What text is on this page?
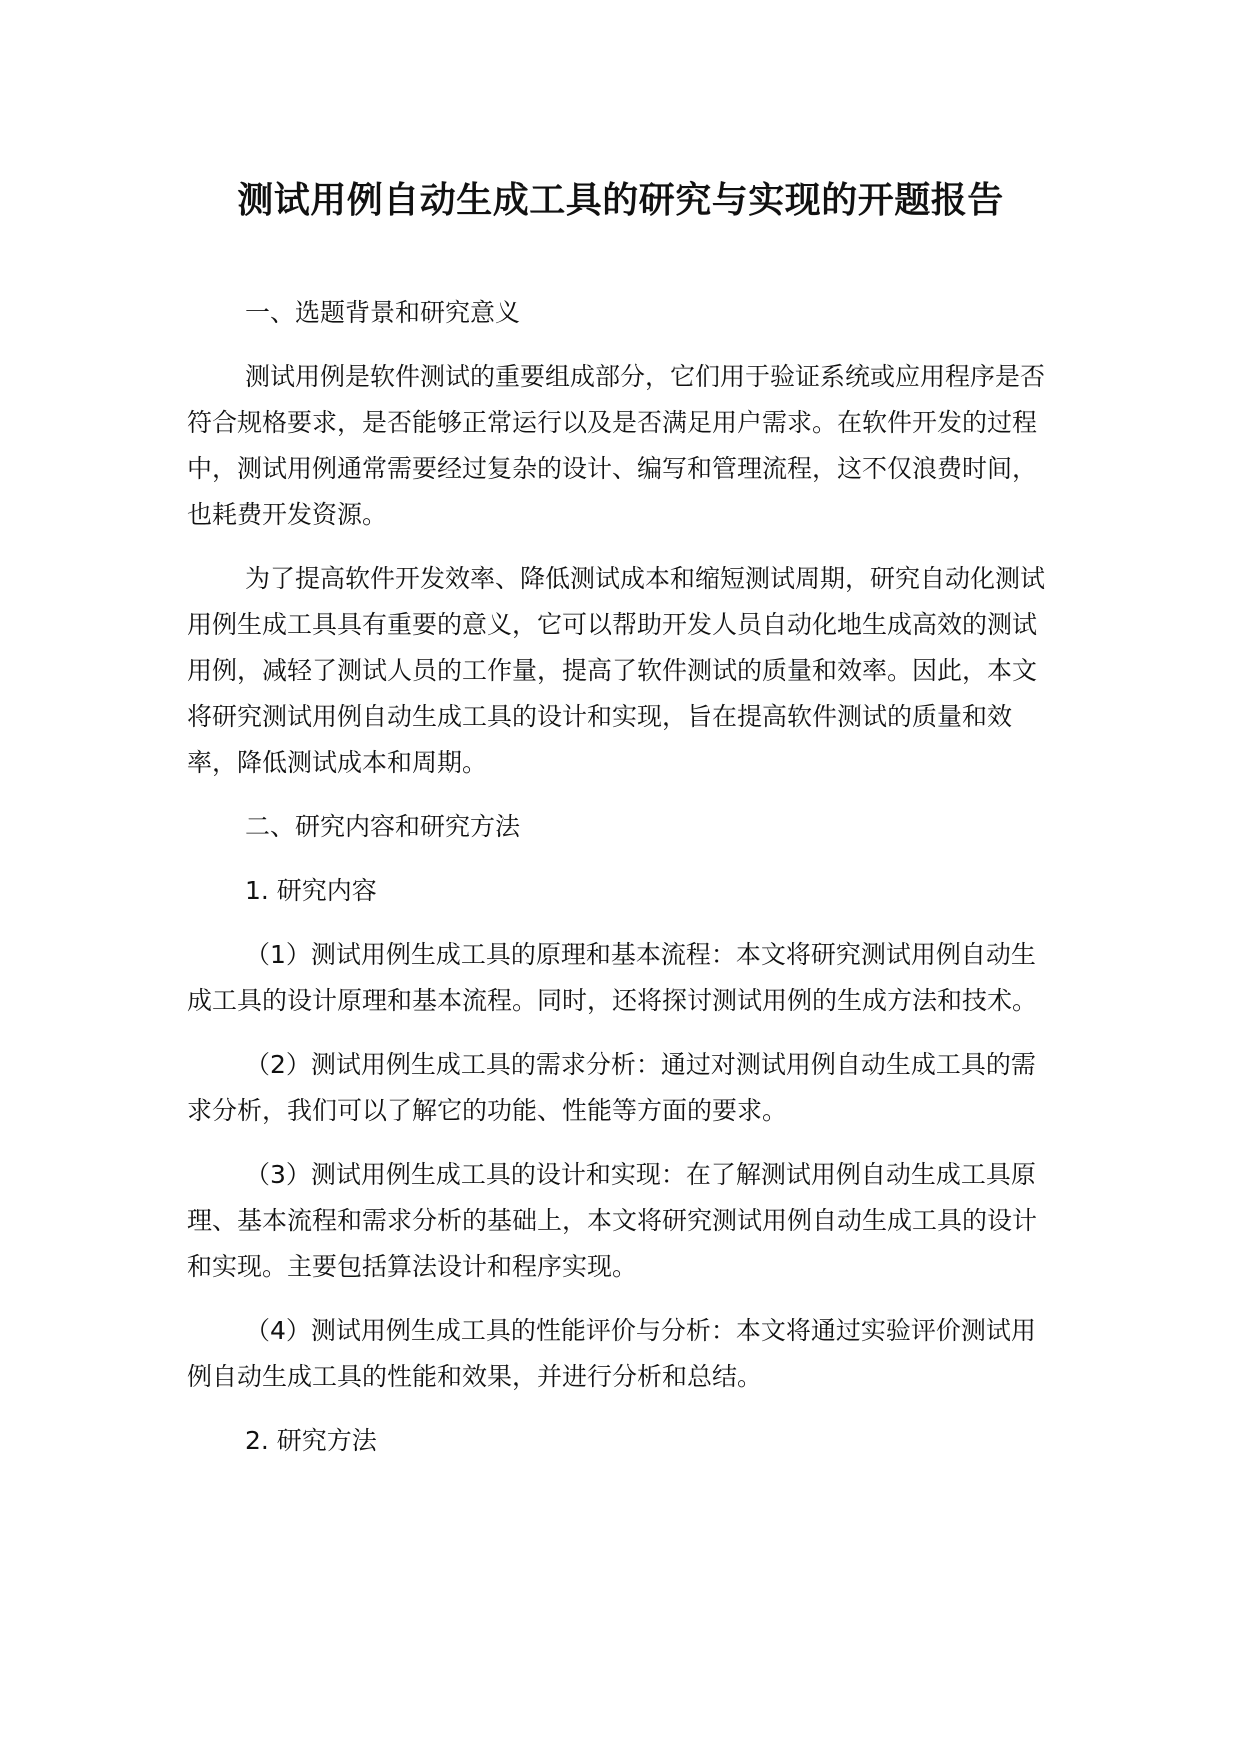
测试用例自动生成工具的研究与实现的开题报告

一、选题背景和研究意义

测试用例是软件测试的重要组成部分，它们用于验证系统或应用程序是否符合规格要求，是否能够正常运行以及是否满足用户需求。在软件开发的过程中，测试用例通常需要经过复杂的设计、编写和管理流程，这不仅浪费时间，也耗费开发资源。

为了提高软件开发效率、降低测试成本和缩短测试周期，研究自动化测试用例生成工具具有重要的意义，它可以帮助开发人员自动化地生成高效的测试用例，减轻了测试人员的工作量，提高了软件测试的质量和效率。因此，本文将研究测试用例自动生成工具的设计和实现，旨在提高软件测试的质量和效率，降低测试成本和周期。

二、研究内容和研究方法

1. 研究内容

（1）测试用例生成工具的原理和基本流程：本文将研究测试用例自动生成工具的设计原理和基本流程。同时，还将探讨测试用例的生成方法和技术。

（2）测试用例生成工具的需求分析：通过对测试用例自动生成工具的需求分析，我们可以了解它的功能、性能等方面的要求。

（3）测试用例生成工具的设计和实现：在了解测试用例自动生成工具原理、基本流程和需求分析的基础上，本文将研究测试用例自动生成工具的设计和实现。主要包括算法设计和程序实现。

（4）测试用例生成工具的性能评价与分析：本文将通过实验评价测试用例自动生成工具的性能和效果，并进行分析和总结。

2. 研究方法
